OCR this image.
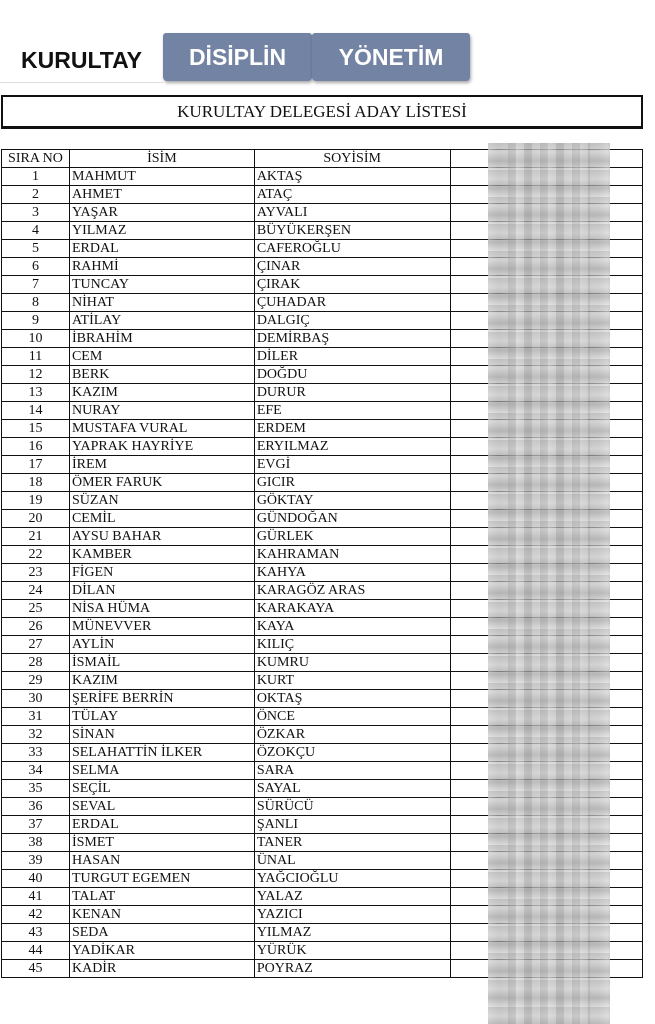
KURULTAY	DİSİPLİN	YÖNETİM
KURULTAY DELEGESİ ADAY LİSTESİ
SIRA NO	İSİM	SOYİSİM	
1	MAHMUT	AKTAŞ	
2	AHMET	ATAÇ	
3	YAŞAR	AYVALI	
4	YILMAZ	BÜYÜKERŞEN	
5	ERDAL	CAFEROĞLU	
6	RAHMİ	ÇINAR	
7	TUNCAY	ÇIRAK	
8	NİHAT	ÇUHADAR	
9	ATİLAY	DALGIÇ	
10	İBRAHİM	DEMİRBAŞ	
11	CEM	DİLER	
12	BERK	DOĞDU	
13	KAZIM	DURUR	
14	NURAY	EFE	
15	MUSTAFA VURAL	ERDEM	
16	YAPRAK HAYRİYE	ERYILMAZ	
17	İREM	EVGİ	
18	ÖMER FARUK	GICIR	
19	SÜZAN	GÖKTAY	
20	CEMİL	GÜNDOĞAN	
21	AYSU BAHAR	GÜRLEK	
22	KAMBER	KAHRAMAN	
23	FİGEN	KAHYA	
24	DİLAN	KARAGÖZ ARAS	
25	NİSA HÜMA	KARAKAYA	
26	MÜNEVVER	KAYA	
27	AYLİN	KILIÇ	
28	İSMAİL	KUMRU	
29	KAZIM	KURT	
30	ŞERİFE BERRİN	OKTAŞ	
31	TÜLAY	ÖNCE	
32	SİNAN	ÖZKAR	
33	SELAHATTİN İLKER	ÖZOKÇU	
34	SELMA	SARA	
35	SEÇİL	SAYAL	
36	SEVAL	SÜRÜCÜ	
37	ERDAL	ŞANLI	
38	İSMET	TANER	
39	HASAN	ÜNAL	
40	TURGUT EGEMEN	YAĞCIOĞLU	
41	TALAT	YALAZ	
42	KENAN	YAZICI	
43	SEDA	YILMAZ	
44	YADİKAR	YÜRÜK	
45	KADİR	POYRAZ	
